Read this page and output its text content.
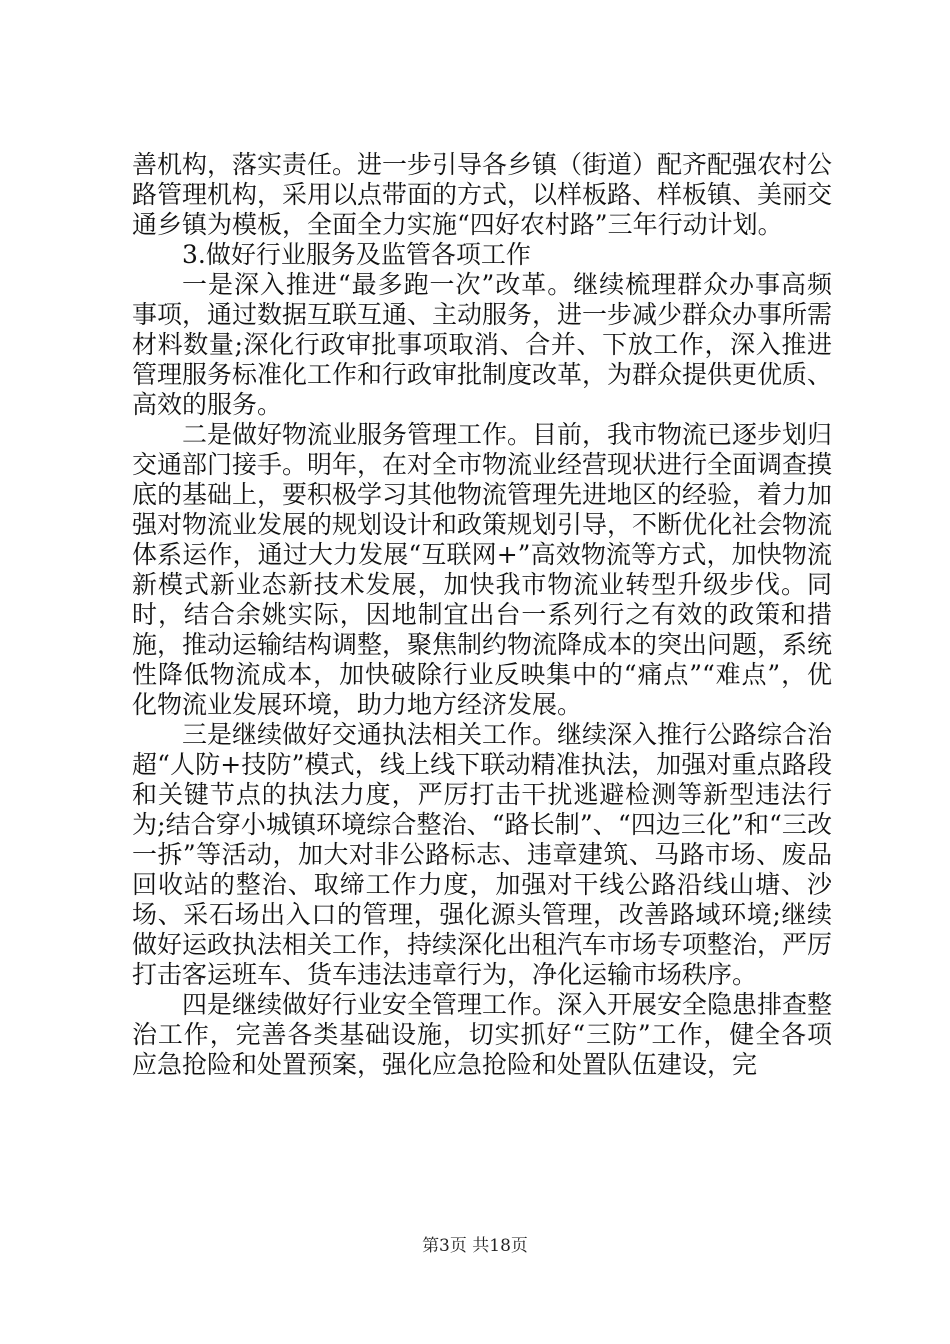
善机构，落实责任。进一步引导各乡镇（街道）配齐配强农村公路管理机构，采用以点带面的方式，以样板路、样板镇、美丽交通乡镇为模板，全面全力实施“四好农村路”三年行动计划。

3.做好行业服务及监管各项工作

一是深入推进“最多跑一次”改革。继续梳理群众办事高频事项，通过数据互联互通、主动服务，进一步减少群众办事所需材料数量;深化行政审批事项取消、合并、下放工作，深入推进管理服务标准化工作和行政审批制度改革，为群众提供更优质、高效的服务。

二是做好物流业服务管理工作。目前，我市物流已逐步划归交通部门接手。明年，在对全市物流业经营现状进行全面调查摸底的基础上，要积极学习其他物流管理先进地区的经验，着力加强对物流业发展的规划设计和政策规划引导，不断优化社会物流体系运作，通过大力发展“互联网+”高效物流等方式，加快物流新模式新业态新技术发展，加快我市物流业转型升级步伐。同时，结合余姚实际，因地制宜出台一系列行之有效的政策和措施，推动运输结构调整，聚焦制约物流降成本的突出问题，系统性降低物流成本，加快破除行业反映集中的“痛点”“难点”，优化物流业发展环境，助力地方经济发展。

三是继续做好交通执法相关工作。继续深入推行公路综合治超“人防+技防”模式，线上线下联动精准执法，加强对重点路段和关键节点的执法力度，严厉打击干扰逃避检测等新型违法行为;结合穿小城镇环境综合整治、“路长制”、“四边三化”和“三改一拆”等活动，加大对非公路标志、违章建筑、马路市场、废品回收站的整治、取缔工作力度，加强对干线公路沿线山塘、沙场、采石场出入口的管理，强化源头管理，改善路域环境;继续做好运政执法相关工作，持续深化出租汽车市场专项整治，严厉打击客运班车、货车违法违章行为，净化运输市场秩序。

四是继续做好行业安全管理工作。深入开展安全隐患排查整治工作，完善各类基础设施，切实抓好“三防”工作，健全各项应急抢险和处置预案，强化应急抢险和处置队伍建设，完

第3页 共18页
